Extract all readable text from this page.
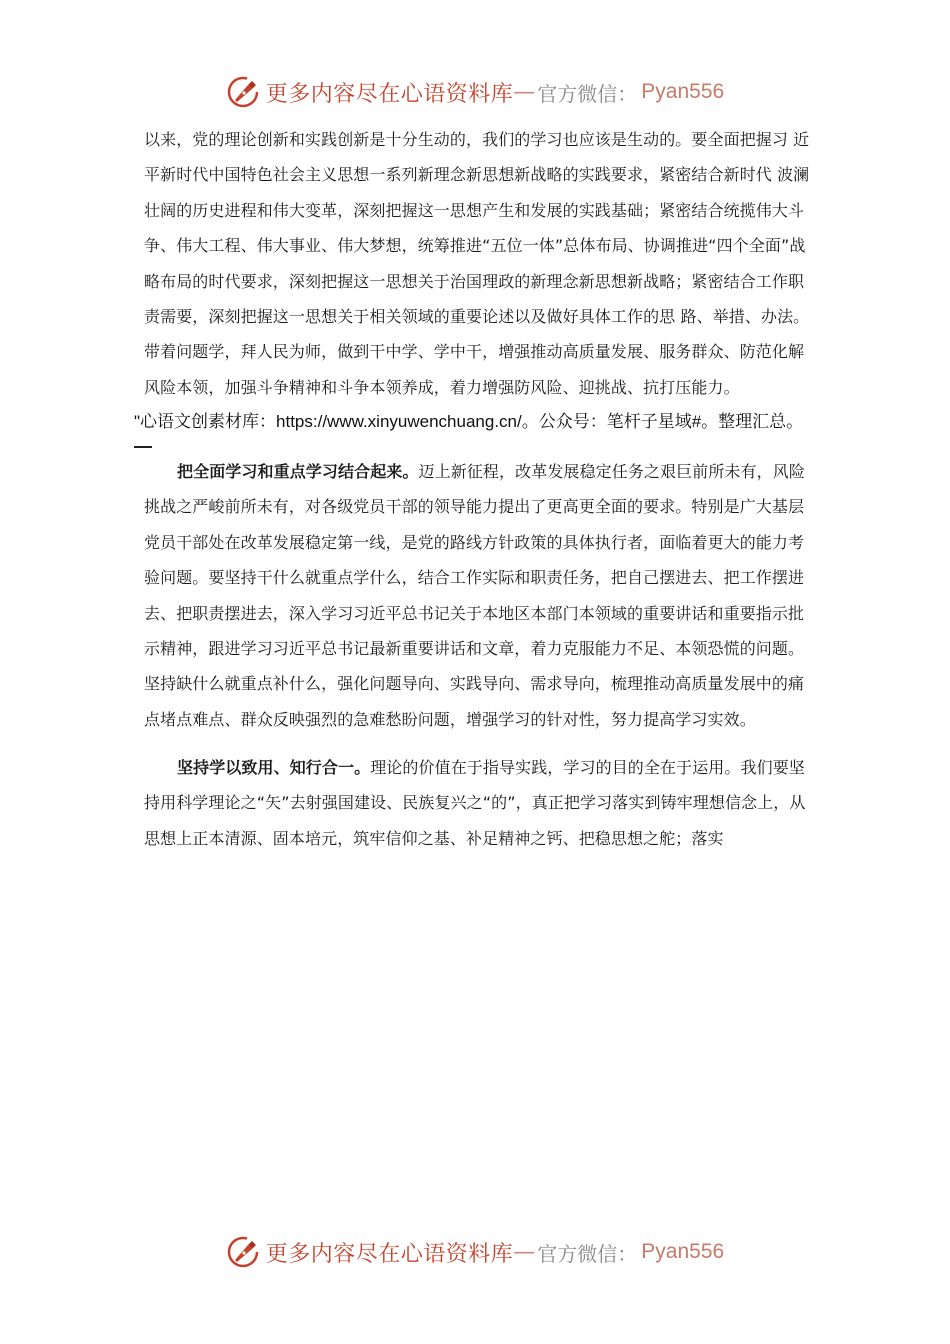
更多内容尽在心语资料库 — 官方微信： Pyan556

以来，党的理论创新和实践创新是十分生动的，我们的学习也应该是生动的。要全面把握习 近平新时代中国特色社会主义思想一系列新理念新思想新战略的实践要求，紧密结合新时代 波澜壮阔的历史进程和伟大变革，深刻把握这一思想产生和发展的实践基础；紧密结合统揽伟大斗争、伟大工程、伟大事业、伟大梦想，统筹推进“五位一体”总体布局、协调推进“四个全面”战略布局的时代要求，深刻把握这一思想关于治国理政的新理念新思想新战略；紧密结合工作职责需要，深刻把握这一思想关于相关领域的重要论述以及做好具体工作的思 路、举措、办法。带着问题学，拜人民为师，做到干中学、学中干，增强推动高质量发展、服务群众、防范化解风险本领，加强斗争精神和斗争本领养成，着力增强防风险、迎挑战、抗打压能力。

"心语文创素材库：https://www.xinyuwenchuang.cn/。公众号：笔杆子星域#。整理汇总。

把全面学习和重点学习结合起来。迈上新征程，改革发展稳定任务之艰巨前所未有，风险挑战之严峻前所未有，对各级党员干部的领导能力提出了更高更全面的要求。特别是广大基层党员干部处在改革发展稳定第一线，是党的路线方针政策的具体执行者，面临着更大的能力考验问题。要坚持干什么就重点学什么，结合工作实际和职责任务，把自己摆进去、把工作摆进去、把职责摆进去，深入学习习近平总书记关于本地区本部门本领域的重要讲话和重要指示批示精神，跟进学习习近平总书记最新重要讲话和文章，着力克服能力不足、本领恐慌的问题。坚持缺什么就重点补什么，强化问题导向、实践导向、需求导向，梳理推动高质量发展中的痛点堵点难点、群众反映强烈的急难愁盼问题，增强学习的针对性，努力提高学习实效。

坚持学以致用、知行合一。理论的价值在于指导实践，学习的目的全在于运用。我们要坚持用科学理论之“矢”去射强国建设、民族复兴之“的”，真正把学习落实到铸牢理想信念上，从思想上正本清源、固本培元，筑牢信仰之基、补足精神之钙、把稳思想之舵；落实

更多内容尽在心语资料库 — 官方微信： Pyan556
